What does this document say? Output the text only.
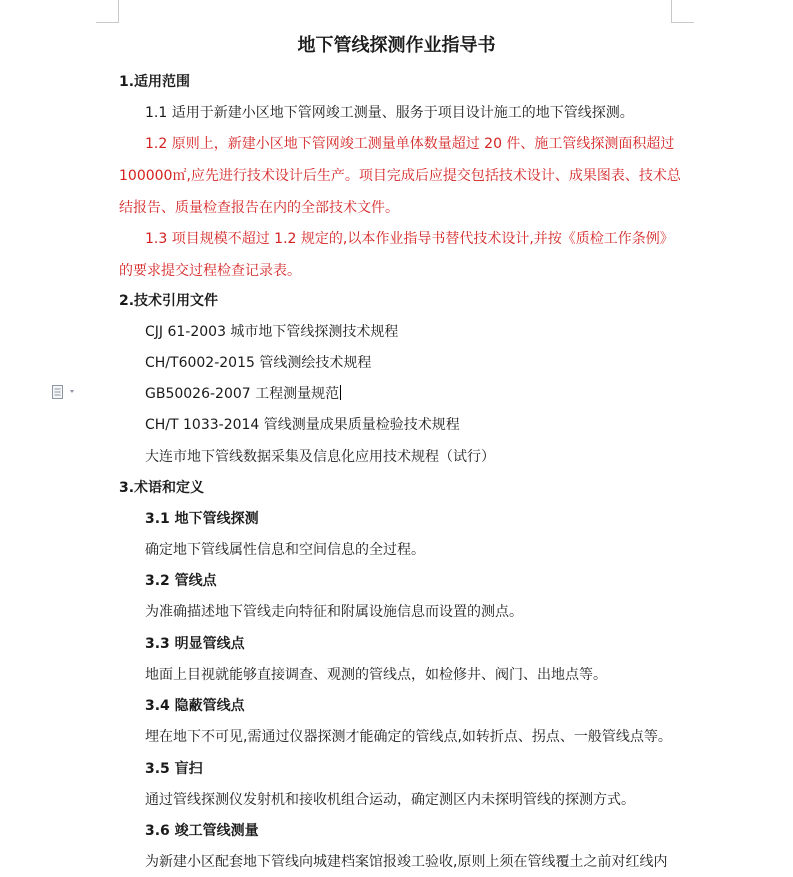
地下管线探测作业指导书
1.适用范围
1.1 适用于新建小区地下管网竣工测量、服务于项目设计施工的地下管线探测。
1.2 原则上，新建小区地下管网竣工测量单体数量超过 20 件、施工管线探测面积超过
100000㎡,应先进行技术设计后生产。项目完成后应提交包括技术设计、成果图表、技术总
结报告、质量检查报告在内的全部技术文件。
1.3 项目规模不超过 1.2 规定的,以本作业指导书替代技术设计,并按《质检工作条例》
的要求提交过程检查记录表。
2.技术引用文件
CJJ 61-2003 城市地下管线探测技术规程
CH/T6002-2015 管线测绘技术规程
GB50026-2007 工程测量规范
CH/T 1033-2014 管线测量成果质量检验技术规程
大连市地下管线数据采集及信息化应用技术规程（试行）
3.术语和定义
3.1 地下管线探测
确定地下管线属性信息和空间信息的全过程。
3.2 管线点
为准确描述地下管线走向特征和附属设施信息而设置的测点。
3.3 明显管线点
地面上目视就能够直接调查、观测的管线点，如检修井、阀门、出地点等。
3.4 隐蔽管线点
埋在地下不可见,需通过仪器探测才能确定的管线点,如转折点、拐点、一般管线点等。
3.5 盲扫
通过管线探测仪发射机和接收机组合运动，确定测区内未探明管线的探测方式。
3.6 竣工管线测量
为新建小区配套地下管线向城建档案馆报竣工验收,原则上须在管线覆土之前对红线内
